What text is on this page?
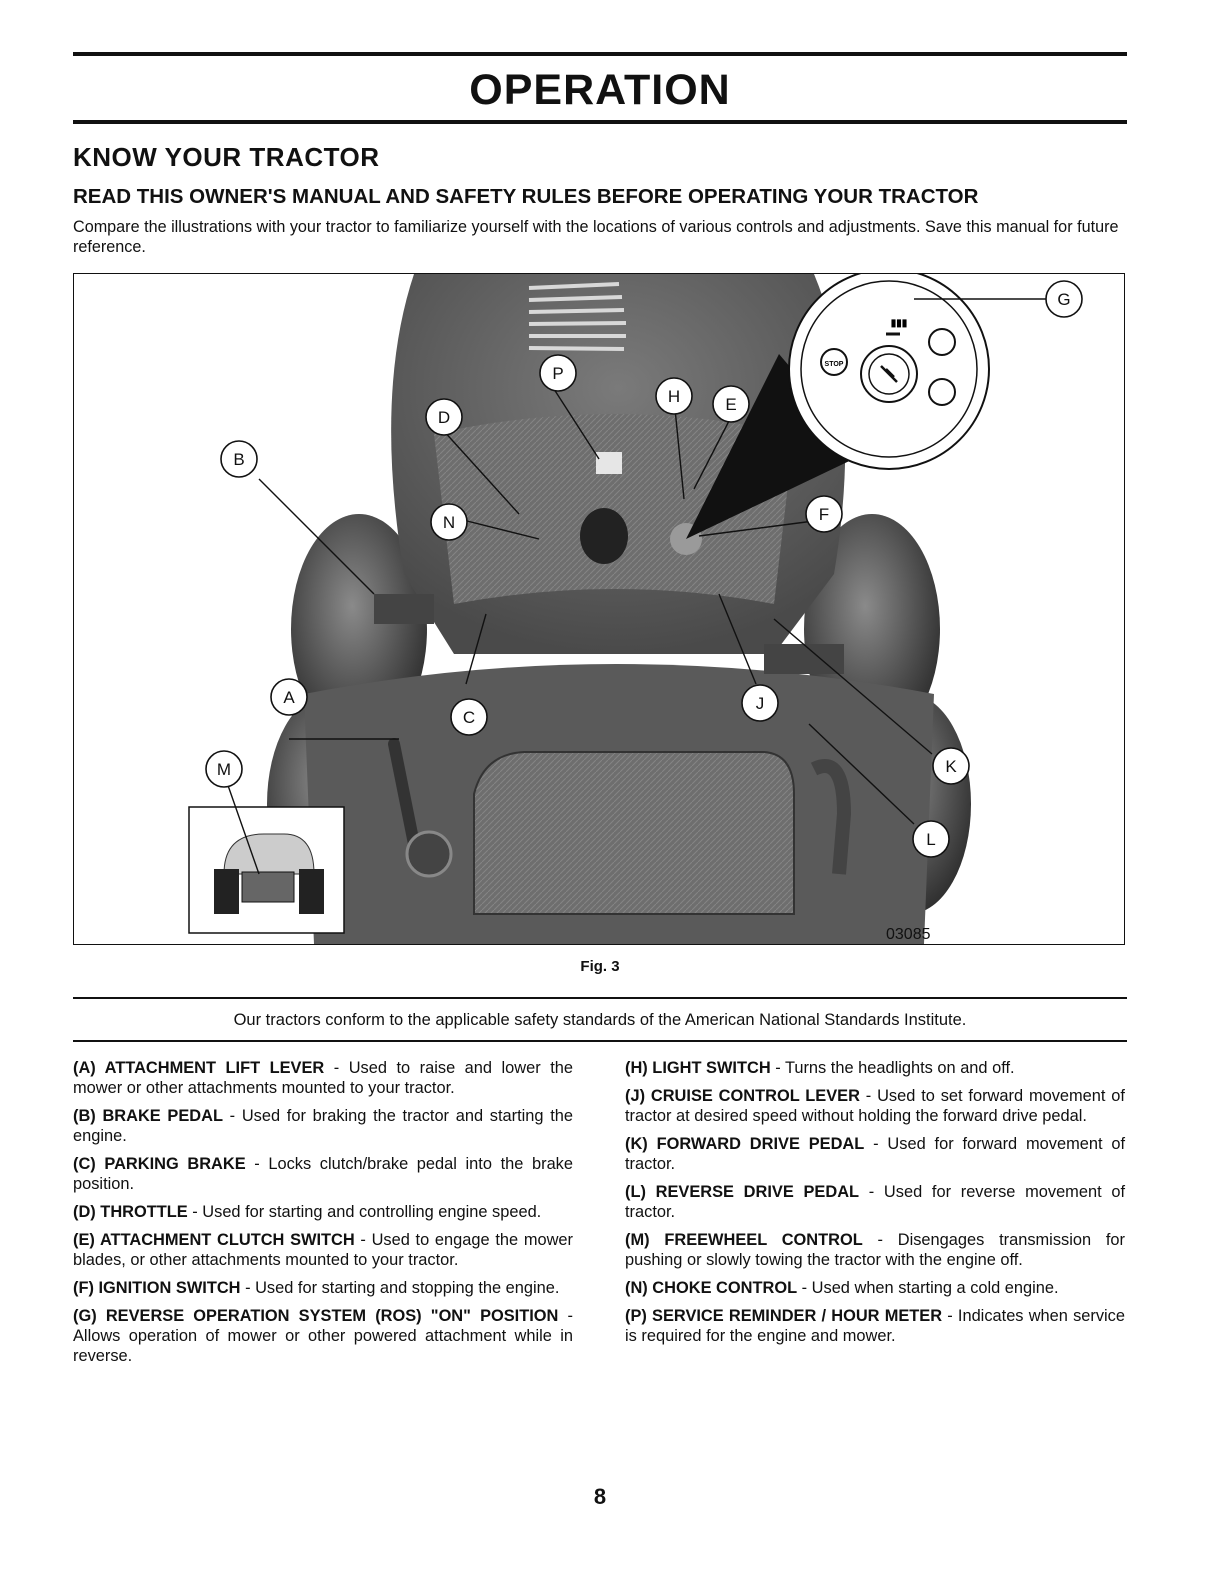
OPERATION
KNOW YOUR TRACTOR
READ THIS OWNER'S MANUAL AND SAFETY RULES BEFORE OPERATING YOUR TRACTOR
Compare the illustrations with your tractor to familiarize yourself with the locations of various controls and adjustments. Save this manual for future reference.
STOP
▮▮▮
A
B
C
D
E
F
G
H
J
K
L
M
N
P
03085
Fig. 3
Our tractors conform to the applicable safety standards of the American National Standards Institute.

(A) ATTACHMENT LIFT LEVER - Used to raise and lower the mower or other attachments mounted to your tractor.

(B) BRAKE PEDAL - Used for braking the tractor and starting the engine.

(C) PARKING BRAKE - Locks clutch/brake pedal into the brake position.

(D) THROTTLE - Used for starting and controlling engine speed.

(E) ATTACHMENT CLUTCH SWITCH - Used to engage the mower blades, or other attachments mounted to your tractor.

(F) IGNITION SWITCH - Used for starting and stopping the engine.

(G) REVERSE OPERATION SYSTEM (ROS) "ON" POSITION - Allows operation of mower or other powered attachment while in reverse.

(H) LIGHT SWITCH - Turns the headlights on and off.

(J) CRUISE CONTROL LEVER - Used to set forward movement of tractor at desired speed without holding the forward drive pedal.

(K) FORWARD DRIVE PEDAL - Used for forward movement of tractor.

(L) REVERSE DRIVE PEDAL - Used for reverse movement of tractor.

(M) FREEWHEEL CONTROL - Disengages transmission for pushing or slowly towing the tractor with the engine off.

(N) CHOKE CONTROL - Used when starting a cold engine.

(P) SERVICE REMINDER / HOUR METER - Indicates when service is required for the engine and mower.

8
